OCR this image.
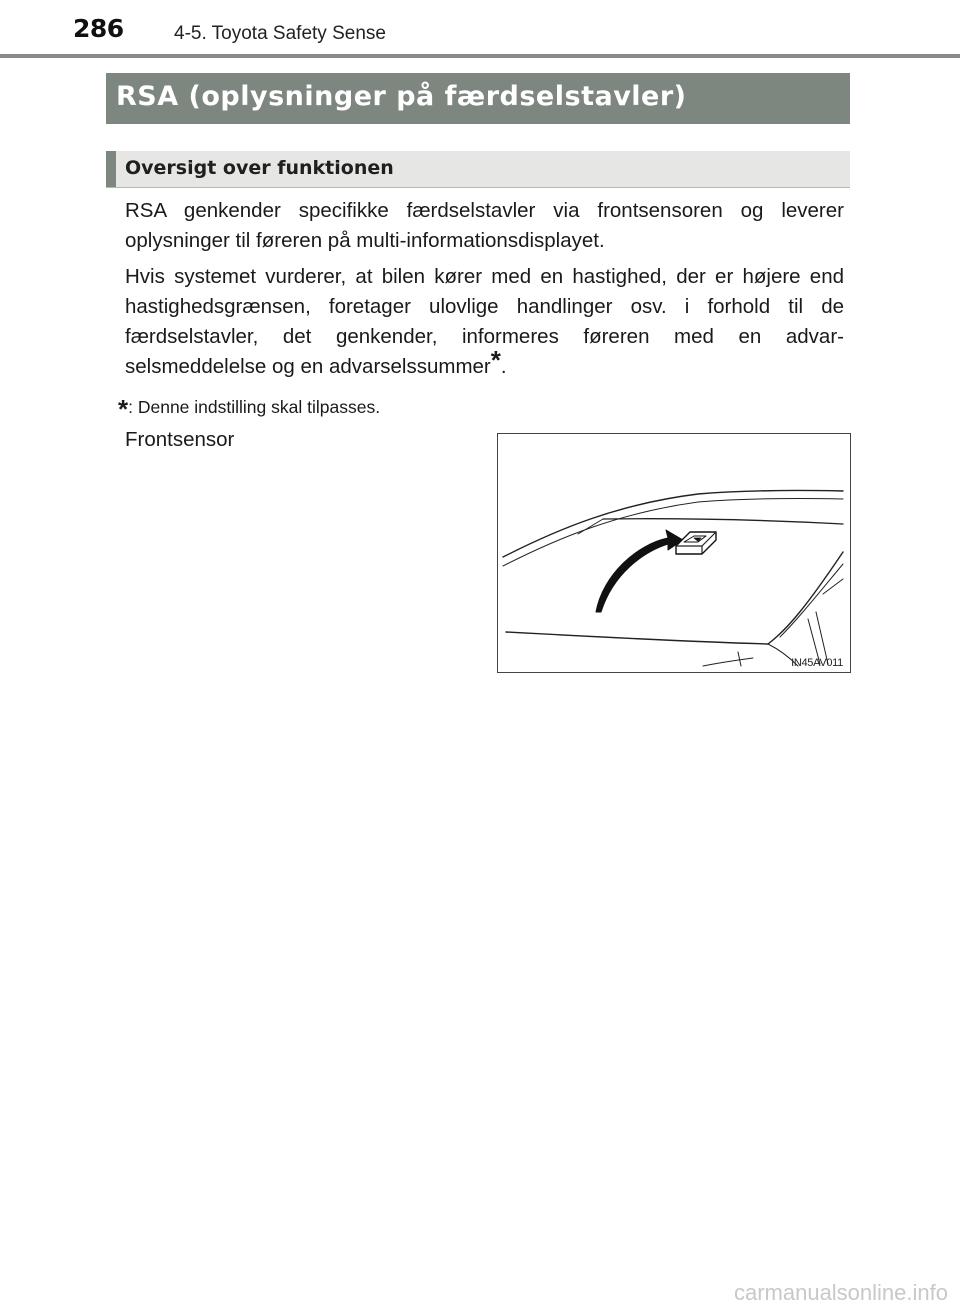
286	4-5. Toyota Safety Sense
RSA (oplysninger på færdselstavler)
Oversigt over funktionen

RSA genkender specifikke færdselstavler via frontsensoren og leverer oplysninger til føreren på multi-informationsdisplayet.

Hvis systemet vurderer, at bilen kører med en hastighed, der er højere end hastighedsgrænsen, foretager ulovlige handlinger osv. i forhold til de færdselstavler, det genkender, informeres føreren med en advarselsmeddelelse og en advarselssummer*.

*: Denne indstilling skal tilpasses.
Frontsensor
IN45AV011
carmanualsonline.info
